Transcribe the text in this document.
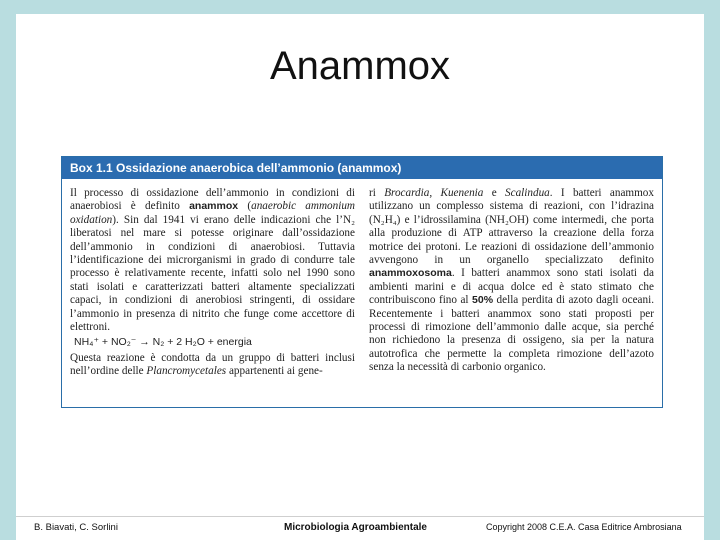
Anammox
Box 1.1 Ossidazione anaerobica dell’ammonio (anammox)

Il processo di ossidazione dell’ammonio in condizioni di anaerobiosi è definito anammox (anaerobic ammonium oxidation). Sin dal 1941 vi erano delle indicazioni che l’N₂ liberatosi nel mare si potesse originare dall’ossidazione dell’ammonio in condizioni di anaerobiosi. Tuttavia l’identificazione dei microrganismi in grado di condurre tale processo è relativamente recente, infatti solo nel 1990 sono stati isolati e caratterizzati batteri altamente specializzati capaci, in condizioni di anerobiosi stringenti, di ossidare l’ammonio in presenza di nitrito che funge come accettore di elettroni.

NH₄⁺ + NO₂⁻ → N₂ + 2 H₂O + energia

Questa reazione è condotta da un gruppo di batteri inclusi nell’ordine delle Plancromycetales appartenenti ai gene-

ri Brocardia, Kuenenia e Scalindua. I batteri anammox utilizzano un complesso sistema di reazioni, con l’idrazina (N₂H₄) e l’idrossilamina (NH₂OH) come intermedi, che porta alla produzione di ATP attraverso la creazione della forza motrice dei protoni. Le reazioni di ossidazione dell’ammonio avvengono in un organello specializzato definito anammoxosoma. I batteri anammox sono stati isolati da ambienti marini e di acqua dolce ed è stato stimato che contribuiscono fino al 50% della perdita di azoto dagli oceani. Recentemente i batteri anammox sono stati proposti per processi di rimozione dell’ammonio dalle acque, sia perché non richiedono la presenza di ossigeno, sia per la natura autotrofica che permette la completa rimozione dell’azoto senza la necessità di carbonio organico.

B. Biavati, C. Sorlini	Microbiologia Agroambientale	Copyright 2008 C.E.A. Casa Editrice Ambrosiana
